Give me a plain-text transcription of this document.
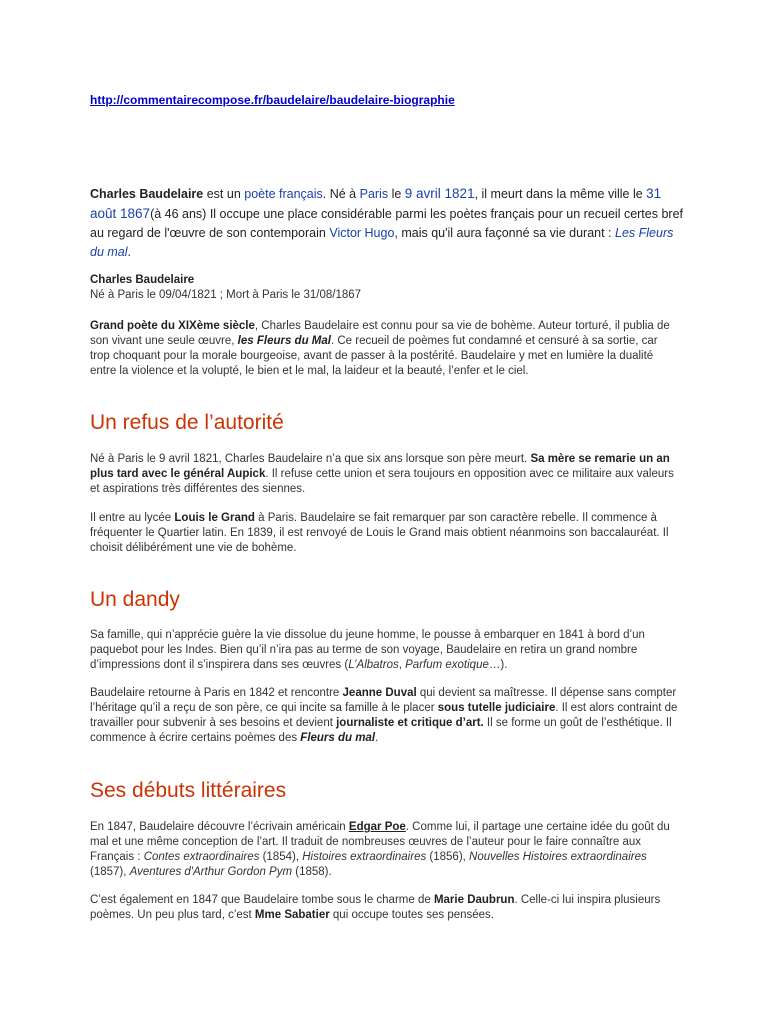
http://commentairecompose.fr/baudelaire/baudelaire-biographie
Charles Baudelaire est un poète français. Né à Paris le 9 avril 1821, il meurt dans la même ville le 31 août 1867(à 46 ans) Il occupe une place considérable parmi les poètes français pour un recueil certes bref au regard de l'œuvre de son contemporain Victor Hugo, mais qu'il aura façonné sa vie durant : Les Fleurs du mal.
Charles Baudelaire
Né à Paris le 09/04/1821 ; Mort à Paris le 31/08/1867
Grand poète du XIXème siècle, Charles Baudelaire est connu pour sa vie de bohème. Auteur torturé, il publia de son vivant une seule œuvre, les Fleurs du Mal. Ce recueil de poèmes fut condamné et censuré à sa sortie, car trop choquant pour la morale bourgeoise, avant de passer à la postérité. Baudelaire y met en lumière la dualité entre la violence et la volupté, le bien et le mal, la laideur et la beauté, l’enfer et le ciel.
Un refus de l’autorité
Né à Paris le 9 avril 1821, Charles Baudelaire n’a que six ans lorsque son père meurt. Sa mère se remarie un an plus tard avec le général Aupick. Il refuse cette union et sera toujours en opposition avec ce militaire aux valeurs et aspirations très différentes des siennes.
Il entre au lycée Louis le Grand à Paris. Baudelaire se fait remarquer par son caractère rebelle. Il commence à fréquenter le Quartier latin. En 1839, il est renvoyé de Louis le Grand mais obtient néanmoins son baccalauréat. Il choisit délibérément une vie de bohème.
Un dandy
Sa famille, qui n’apprécie guère la vie dissolue du jeune homme, le pousse à embarquer en 1841 à bord d’un paquebot pour les Indes. Bien qu’il n’ira pas au terme de son voyage, Baudelaire en retira un grand nombre d’impressions dont il s’inspirera dans ses œuvres (L’Albatros, Parfum exotique…).
Baudelaire retourne à Paris en 1842 et rencontre Jeanne Duval qui devient sa maîtresse. Il dépense sans compter l’héritage qu’il a reçu de son père, ce qui incite sa famille à le placer sous tutelle judiciaire. Il est alors contraint de travailler pour subvenir à ses besoins et devient journaliste et critique d’art. Il se forme un goût de l’esthétique. Il commence à écrire certains poèmes des Fleurs du mal.
Ses débuts littéraires
En 1847, Baudelaire découvre l’écrivain américain Edgar Poe. Comme lui, il partage une certaine idée du goût du mal et une même conception de l’art. Il traduit de nombreuses œuvres de l’auteur pour le faire connaître aux Français : Contes extraordinaires (1854), Histoires extraordinaires (1856), Nouvelles Histoires extraordinaires (1857), Aventures d'Arthur Gordon Pym (1858).
C’est également en 1847 que Baudelaire tombe sous le charme de Marie Daubrun. Celle-ci lui inspira plusieurs poèmes. Un peu plus tard, c’est Mme Sabatier qui occupe toutes ses pensées.
